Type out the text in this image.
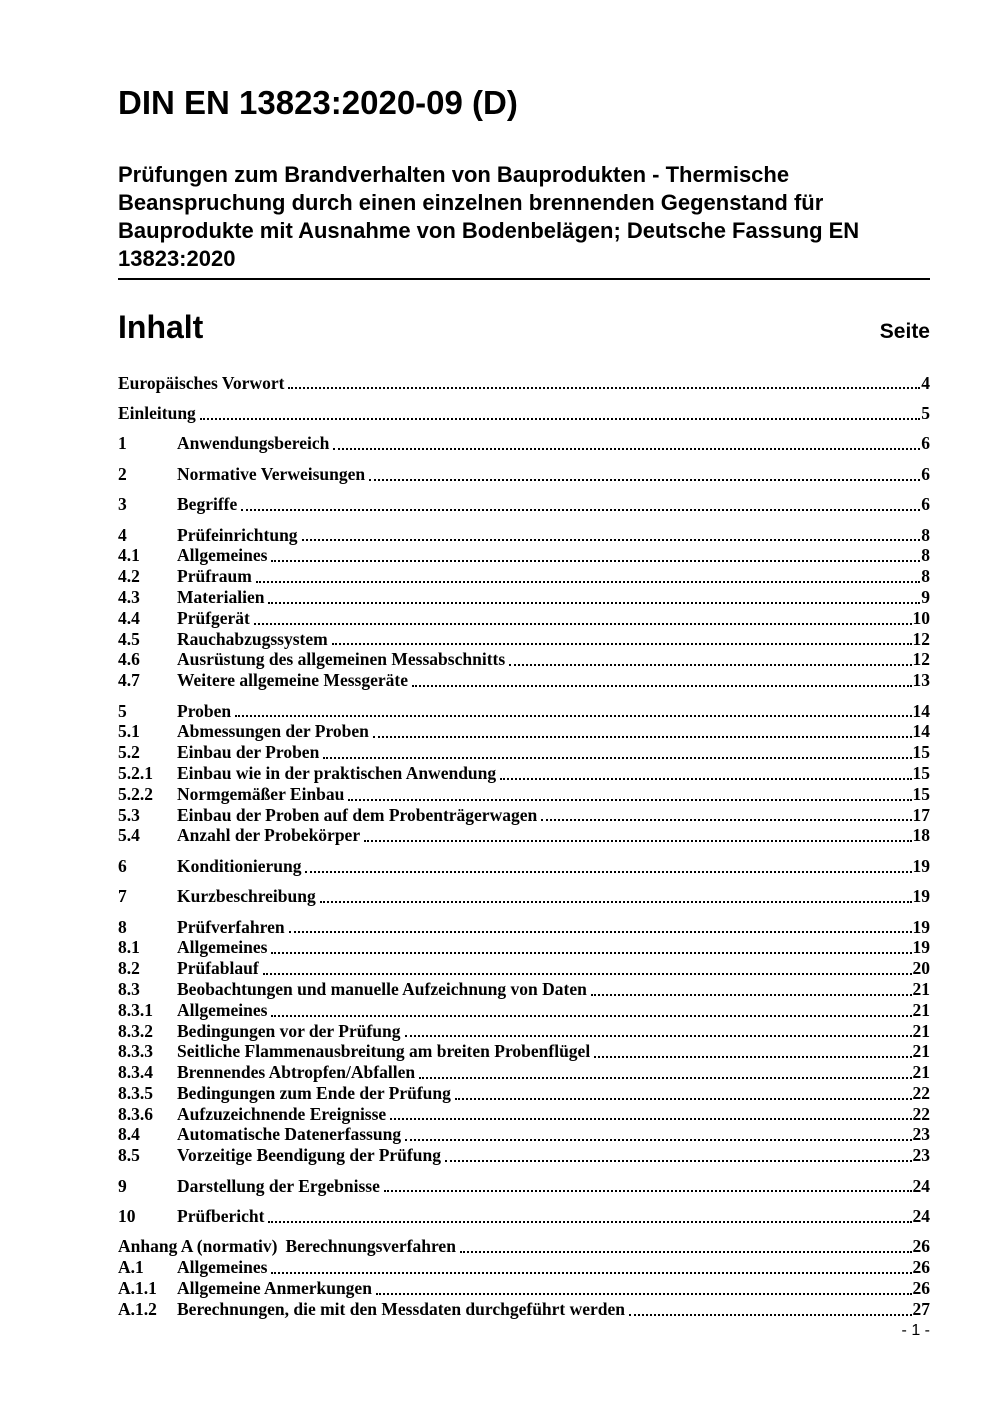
DIN EN 13823:2020-09 (D)
Prüfungen zum Brandverhalten von Bauprodukten - Thermische Beanspruchung durch einen einzelnen brennenden Gegenstand für Bauprodukte mit Ausnahme von Bodenbelägen; Deutsche Fassung EN 13823:2020
Inhalt	Seite
Europäisches Vorwort	4
Einleitung	5
1	Anwendungsbereich	6
2	Normative Verweisungen	6
3	Begriffe	6
4	Prüfeinrichtung	8
4.1	Allgemeines	8
4.2	Prüfraum	8
4.3	Materialien	9
4.4	Prüfgerät	10
4.5	Rauchabzugssystem	12
4.6	Ausrüstung des allgemeinen Messabschnitts	12
4.7	Weitere allgemeine Messgeräte	13
5	Proben	14
5.1	Abmessungen der Proben	14
5.2	Einbau der Proben	15
5.2.1	Einbau wie in der praktischen Anwendung	15
5.2.2	Normgemäßer Einbau	15
5.3	Einbau der Proben auf dem Probenträgerwagen	17
5.4	Anzahl der Probekörper	18
6	Konditionierung	19
7	Kurzbeschreibung	19
8	Prüfverfahren	19
8.1	Allgemeines	19
8.2	Prüfablauf	20
8.3	Beobachtungen und manuelle Aufzeichnung von Daten	21
8.3.1	Allgemeines	21
8.3.2	Bedingungen vor der Prüfung	21
8.3.3	Seitliche Flammenausbreitung am breiten Probenflügel	21
8.3.4	Brennendes Abtropfen/Abfallen	21
8.3.5	Bedingungen zum Ende der Prüfung	22
8.3.6	Aufzuzeichnende Ereignisse	22
8.4	Automatische Datenerfassung	23
8.5	Vorzeitige Beendigung der Prüfung	23
9	Darstellung der Ergebnisse	24
10	Prüfbericht	24
Anhang A (normativ) Berechnungsverfahren	26
A.1	Allgemeines	26
A.1.1	Allgemeine Anmerkungen	26
A.1.2	Berechnungen, die mit den Messdaten durchgeführt werden	27
- 1 -
